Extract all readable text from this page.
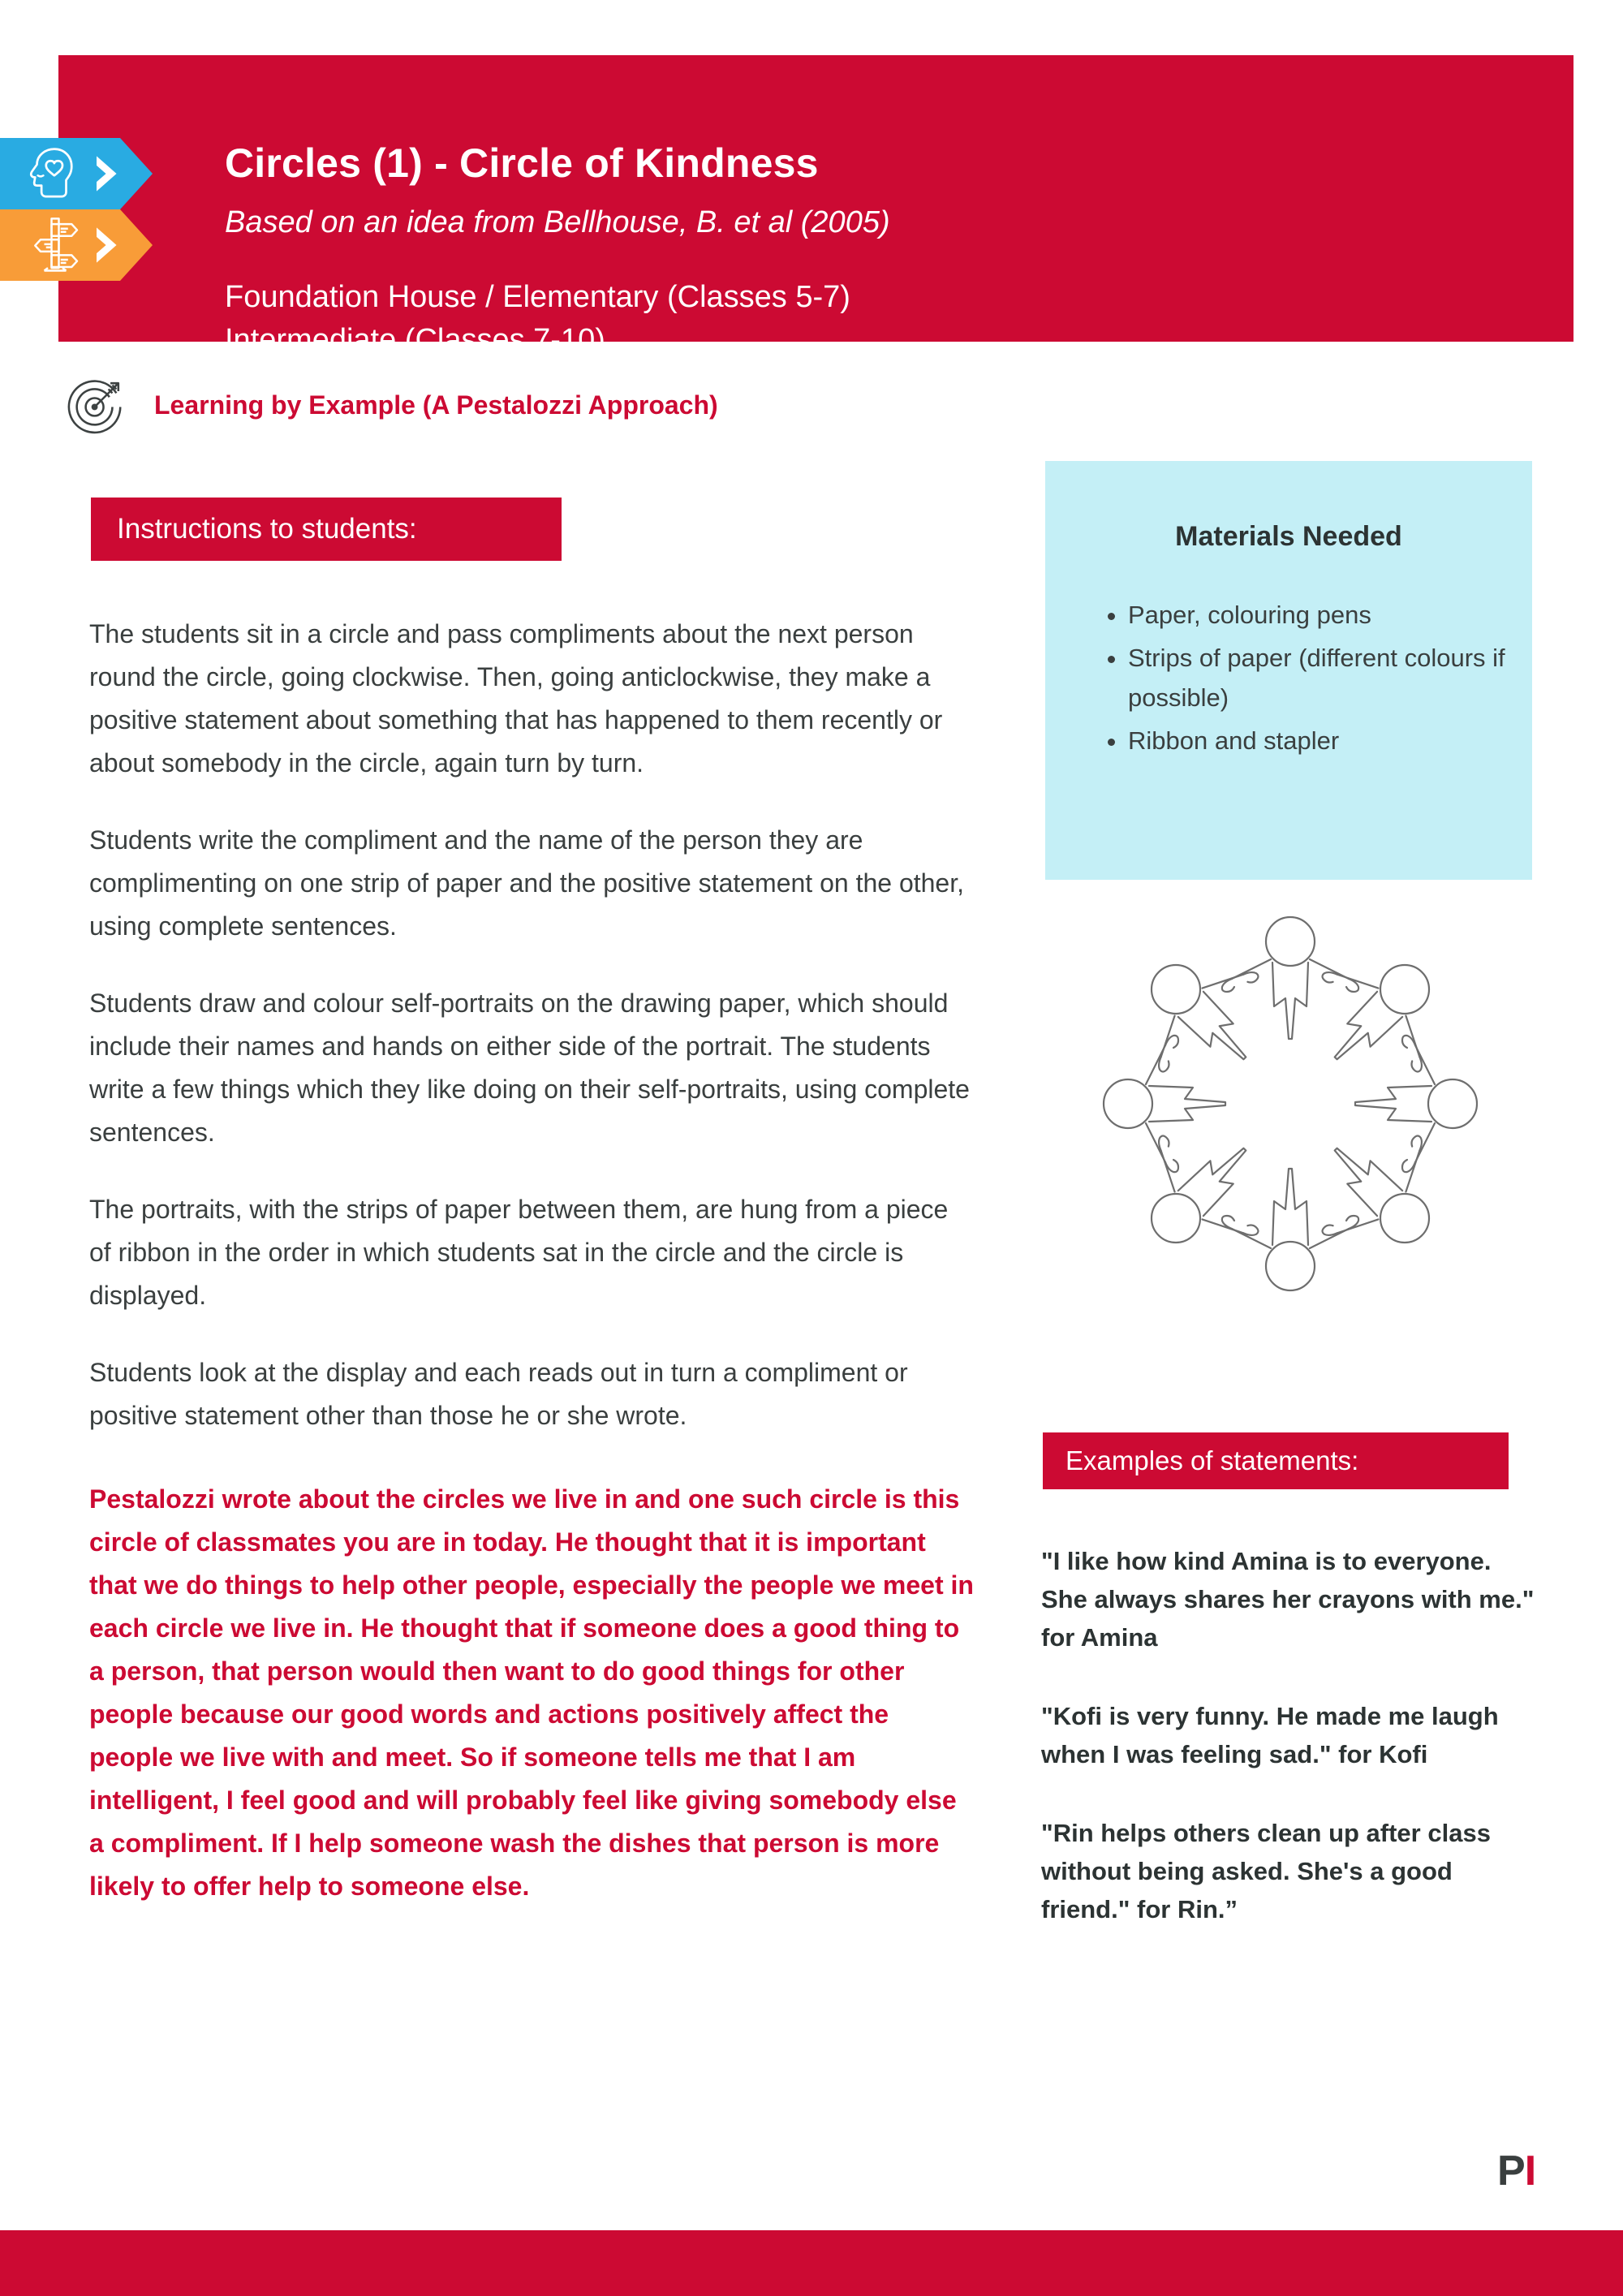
Circles (1) - Circle of Kindness
Based on an idea from Bellhouse, B. et al (2005)
Foundation House / Elementary (Classes 5-7)
Intermediate (Classes 7-10)
Learning by Example (A Pestalozzi Approach)
Instructions to students:

The students sit in a circle and pass compliments about the next person round the circle, going clockwise. Then, going anticlockwise, they make a positive statement about something that has happened to them recently or about somebody in the circle, again turn by turn.

Students write the compliment and the name of the person they are complimenting on one strip of paper and the positive statement on the other, using complete sentences.

Students draw and colour self-portraits on the drawing paper, which should include their names and hands on either side of the portrait. The students write a few things which they like doing on their self-portraits, using complete sentences.

The portraits, with the strips of paper between them, are hung from a piece of ribbon in the order in which students sat in the circle and the circle is displayed.

Students look at the display and each reads out in turn a compliment or positive statement other than those he or she wrote.

Pestalozzi wrote about the circles we live in and one such circle is this circle of classmates you are in today. He thought that it is important that we do things to help other people, especially the people we meet in each circle we live in. He thought that if someone does a good thing to a person, that person would then want to do good things for other people because our good words and actions positively affect the people we live with and meet. So if someone tells me that I am intelligent, I feel good and will probably feel like giving somebody else a compliment. If I help someone wash the dishes that person is more likely to offer help to someone else.

Materials Needed
• Paper, colouring pens
• Strips of paper (different colours if possible)
• Ribbon and stapler
Examples of statements:

"I like how kind Amina is to everyone. She always shares her crayons with me." for Amina

"Kofi is very funny. He made me laugh when I was feeling sad." for Kofi

"Rin helps others clean up after class without being asked. She's a good friend." for Rin.”

PI
